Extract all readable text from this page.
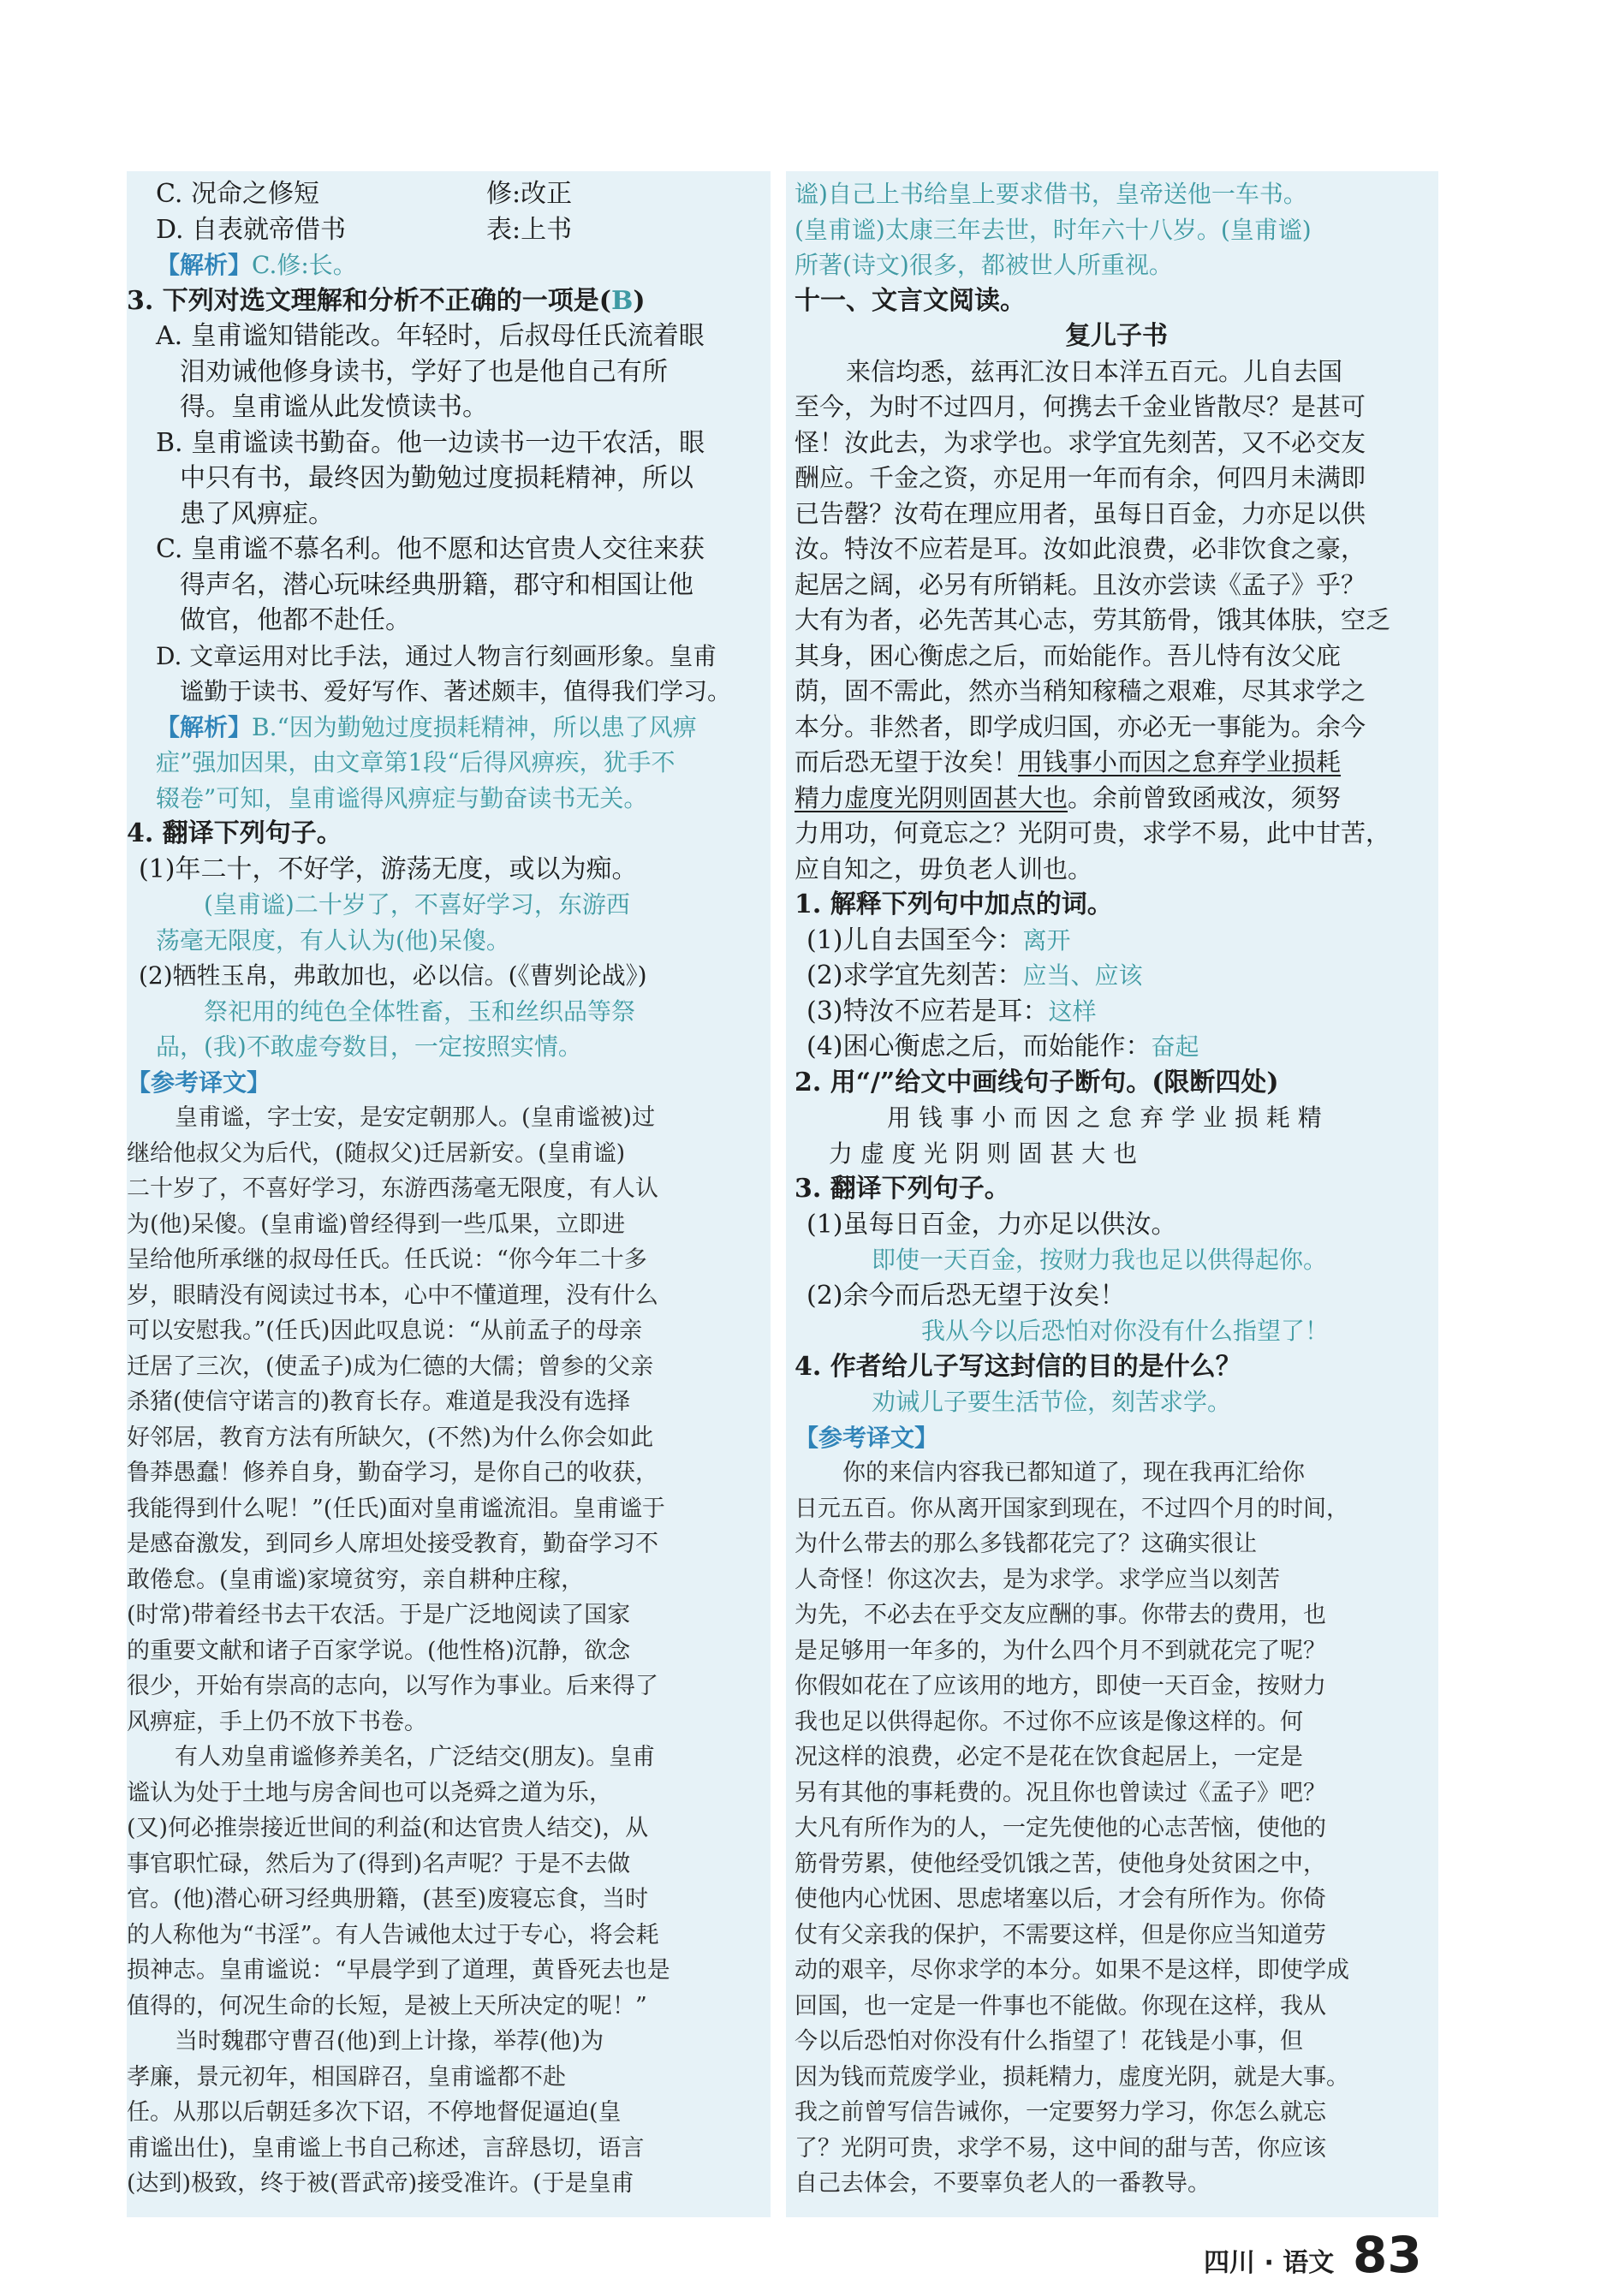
C. 况命之修短	修:改正
D. 自表就帝借书	表:上书
【解析】C.修:长。
3. 下列对选文理解和分析不正确的一项是(B)
A. 皇甫谧知错能改。年轻时，后叔母任氏流着眼
泪劝诫他修身读书，学好了也是他自己有所
得。皇甫谧从此发愤读书。
B. 皇甫谧读书勤奋。他一边读书一边干农活，眼
中只有书，最终因为勤勉过度损耗精神，所以
患了风痹症。
C. 皇甫谧不慕名利。他不愿和达官贵人交往来获
得声名，潜心玩味经典册籍，郡守和相国让他
做官，他都不赴任。
D. 文章运用对比手法，通过人物言行刻画形象。皇甫
谧勤于读书、爱好写作、著述颇丰，值得我们学习。
【解析】B.“因为勤勉过度损耗精神，所以患了风痹
症”强加因果，由文章第1段“后得风痹疾，犹手不
辍卷”可知，皇甫谧得风痹症与勤奋读书无关。
4. 翻译下列句子。
(1)年二十，不好学，游荡无度，或以为痴。
(皇甫谧)二十岁了，不喜好学习，东游西
荡毫无限度，有人认为(他)呆傻。
(2)牺牲玉帛，弗敢加也，必以信。(《曹刿论战》)
祭祀用的纯色全体牲畜，玉和丝织品等祭
品，(我)不敢虚夸数目，一定按照实情。
【参考译文】
皇甫谧，字士安，是安定朝那人。(皇甫谧被)过
继给他叔父为后代，(随叔父)迁居新安。(皇甫谧)
二十岁了，不喜好学习，东游西荡毫无限度，有人认
为(他)呆傻。(皇甫谧)曾经得到一些瓜果，立即进
呈给他所承继的叔母任氏。任氏说：“你今年二十多
岁，眼睛没有阅读过书本，心中不懂道理，没有什么
可以安慰我。”(任氏)因此叹息说：“从前孟子的母亲
迁居了三次，(使孟子)成为仁德的大儒；曾参的父亲
杀猪(使信守诺言的)教育长存。难道是我没有选择
好邻居，教育方法有所缺欠，(不然)为什么你会如此
鲁莽愚蠢！修养自身，勤奋学习，是你自己的收获，
我能得到什么呢！”(任氏)面对皇甫谧流泪。皇甫谧于
是感奋激发，到同乡人席坦处接受教育，勤奋学习不
敢倦怠。(皇甫谧)家境贫穷，亲自耕种庄稼，
(时常)带着经书去干农活。于是广泛地阅读了国家
的重要文献和诸子百家学说。(他性格)沉静，欲念
很少，开始有崇高的志向，以写作为事业。后来得了
风痹症，手上仍不放下书卷。
有人劝皇甫谧修养美名，广泛结交(朋友)。皇甫
谧认为处于土地与房舍间也可以尧舜之道为乐，
(又)何必推崇接近世间的利益(和达官贵人结交)，从
事官职忙碌，然后为了(得到)名声呢？于是不去做
官。(他)潜心研习经典册籍，(甚至)废寝忘食，当时
的人称他为“书淫”。有人告诫他太过于专心，将会耗
损神志。皇甫谧说：“早晨学到了道理，黄昏死去也是
值得的，何况生命的长短，是被上天所决定的呢！”
当时魏郡守曹召(他)到上计掾，举荐(他)为
孝廉，景元初年，相国辟召，皇甫谧都不赴
任。从那以后朝廷多次下诏，不停地督促逼迫(皇
甫谧出仕)，皇甫谧上书自己称述，言辞恳切，语言
(达到)极致，终于被(晋武帝)接受准许。(于是皇甫
谧)自己上书给皇上要求借书，皇帝送他一车书。
(皇甫谧)太康三年去世，时年六十八岁。(皇甫谧)
所著(诗文)很多，都被世人所重视。
十一、文言文阅读。
复儿子书
来信均悉，兹再汇汝日本洋五百元。儿自去国
至今，为时不过四月，何携去千金业皆散尽？是甚可
怪！汝此去，为求学也。求学宜先刻苦，又不必交友
酬应。千金之资，亦足用一年而有余，何四月未满即
已告罄？汝苟在理应用者，虽每日百金，力亦足以供
汝。特汝不应若是耳。汝如此浪费，必非饮食之豪，
起居之阔，必另有所销耗。且汝亦尝读《孟子》乎？
大有为者，必先苦其心志，劳其筋骨，饿其体肤，空乏
其身，困心衡虑之后，而始能作。吾儿恃有汝父庇
荫，固不需此，然亦当稍知稼穑之艰难，尽其求学之
本分。非然者，即学成归国，亦必无一事能为。余今
而后恐无望于汝矣！用钱事小而因之怠弃学业损耗
精力虚度光阴则固甚大也。余前曾致函戒汝，须努
力用功，何竟忘之？光阴可贵，求学不易，此中甘苦，
应自知之，毋负老人训也。
1. 解释下列句中加点的词。
(1)儿自去国至今：离开
(2)求学宜先刻苦：应当、应该
(3)特汝不应若是耳：这样
(4)困心衡虑之后，而始能作：奋起
2. 用“/”给文中画线句子断句。(限断四处)
用 钱 事 小 而 因 之 怠 弃 学 业 损 耗 精
力 虚 度 光 阴 则 固 甚 大 也
3. 翻译下列句子。
(1)虽每日百金，力亦足以供汝。
即使一天百金，按财力我也足以供得起你。
(2)余今而后恐无望于汝矣！
我从今以后恐怕对你没有什么指望了！
4. 作者给儿子写这封信的目的是什么？
劝诫儿子要生活节俭，刻苦求学。
【参考译文】
你的来信内容我已都知道了，现在我再汇给你
日元五百。你从离开国家到现在，不过四个月的时间，
为什么带去的那么多钱都花完了？这确实很让
人奇怪！你这次去，是为求学。求学应当以刻苦
为先，不必去在乎交友应酬的事。你带去的费用，也
是足够用一年多的，为什么四个月不到就花完了呢？
你假如花在了应该用的地方，即使一天百金，按财力
我也足以供得起你。不过你不应该是像这样的。何
况这样的浪费，必定不是花在饮食起居上，一定是
另有其他的事耗费的。况且你也曾读过《孟子》吧？
大凡有所作为的人，一定先使他的心志苦恼，使他的
筋骨劳累，使他经受饥饿之苦，使他身处贫困之中，
使他内心忧困、思虑堵塞以后，才会有所作为。你倚
仗有父亲我的保护，不需要这样，但是你应当知道劳
动的艰辛，尽你求学的本分。如果不是这样，即使学成
回国，也一定是一件事也不能做。你现在这样，我从
今以后恐怕对你没有什么指望了！花钱是小事，但
因为钱而荒废学业，损耗精力，虚度光阴，就是大事。
我之前曾写信告诫你，一定要努力学习，你怎么就忘
了？光阴可贵，求学不易，这中间的甜与苦，你应该
自己去体会，不要辜负老人的一番教导。
四川 · 语文 83
